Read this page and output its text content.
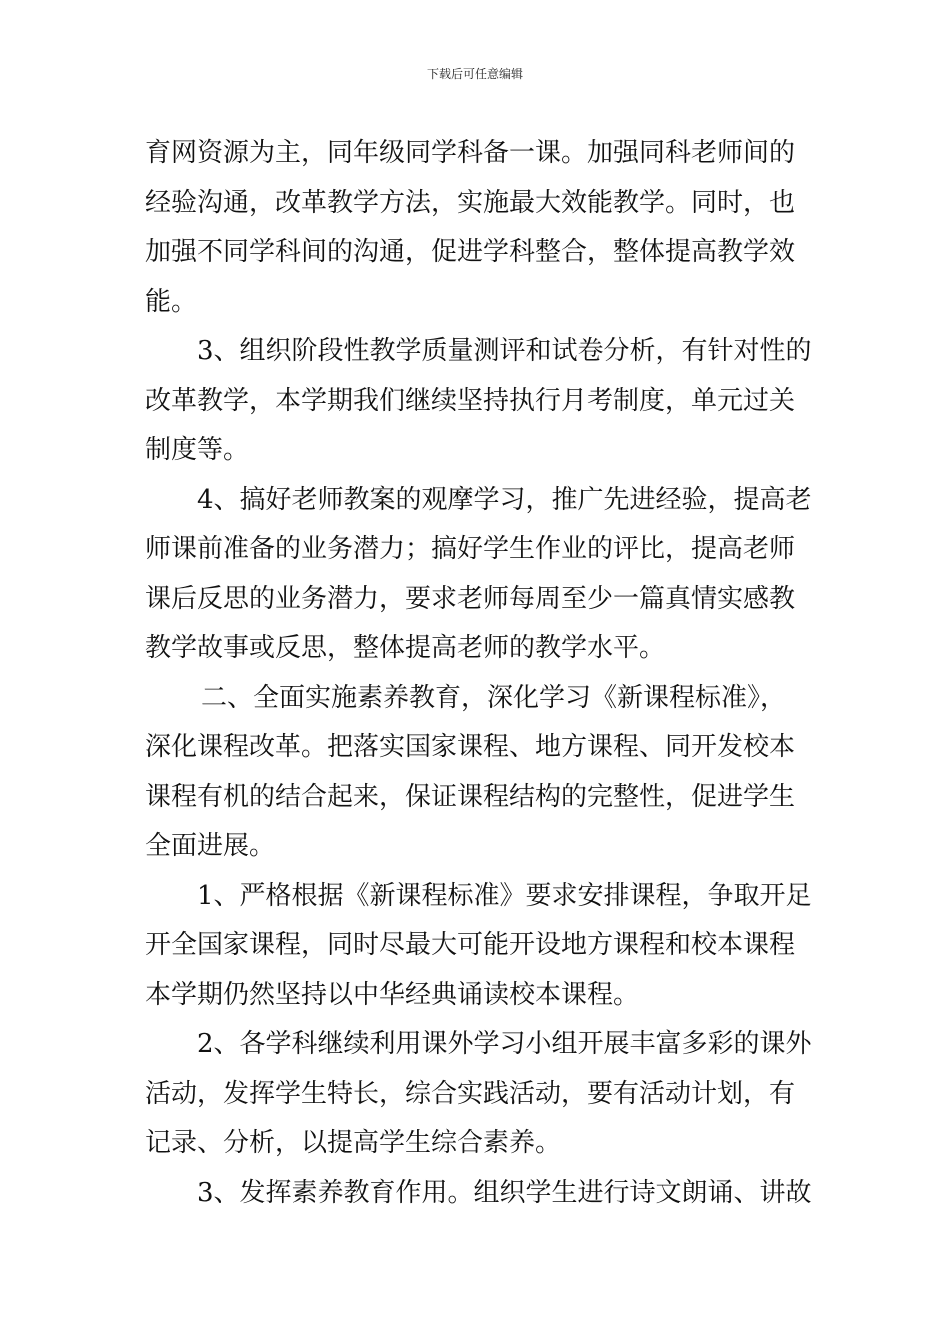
下载后可任意编辑
育网资源为主，同年级同学科备一课。加强同科老师间的
经验沟通，改革教学方法，实施最大效能教学。同时，也
加强不同学科间的沟通，促进学科整合，整体提高教学效
能。
3、组织阶段性教学质量测评和试卷分析，有针对性的
改革教学，本学期我们继续坚持执行月考制度，单元过关
制度等。
4、搞好老师教案的观摩学习，推广先进经验，提高老
师课前准备的业务潜力；搞好学生作业的评比，提高老师
课后反思的业务潜力，要求老师每周至少一篇真情实感教
教学故事或反思，整体提高老师的教学水平。
二、全面实施素养教育，深化学习《新课程标准》，
深化课程改革。把落实国家课程、地方课程、同开发校本
课程有机的结合起来，保证课程结构的完整性，促进学生
全面进展。
1、严格根据《新课程标准》要求安排课程，争取开足
开全国家课程，同时尽最大可能开设地方课程和校本课程
本学期仍然坚持以中华经典诵读校本课程。
2、各学科继续利用课外学习小组开展丰富多彩的课外
活动，发挥学生特长，综合实践活动，要有活动计划，有
记录、分析，以提高学生综合素养。
3、发挥素养教育作用。组织学生进行诗文朗诵、讲故
